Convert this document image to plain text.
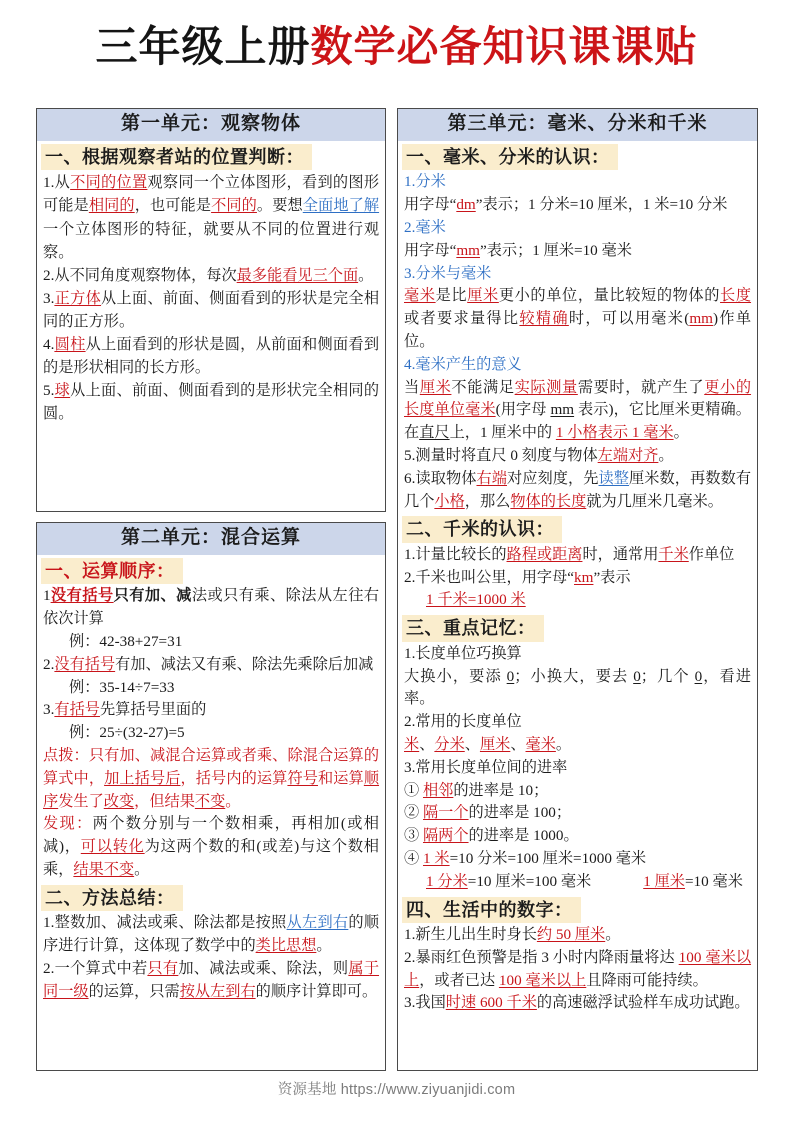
三年级上册数学必备知识课课贴
第一单元：观察物体
一、根据观察者站的位置判断：

1.从不同的位置观察同一个立体图形，看到的图形可能是相同的，也可能是不同的。要想全面地了解一个立体图形的特征，就要从不同的位置进行观察。

2.从不同角度观察物体，每次最多能看见三个面。

3.正方体从上面、前面、侧面看到的形状是完全相同的正方形。

4.圆柱从上面看到的形状是圆，从前面和侧面看到的是形状相同的长方形。

5.球从上面、前面、侧面看到的是形状完全相同的圆。

第二单元：混合运算
一、运算顺序：

1没有括号只有加、减法或只有乘、除法从左往右依次计算

例：42-38+27=31

2.没有括号有加、减法又有乘、除法先乘除后加减

例：35-14÷7=33

3.有括号先算括号里面的

例：25÷(32-27)=5

点拨：只有加、减混合运算或者乘、除混合运算的算式中，加上括号后，括号内的运算符号和运算顺序发生了改变，但结果不变。

发现：两个数分别与一个数相乘，再相加(或相减)，可以转化为这两个数的和(或差)与这个数相乘，结果不变。

二、方法总结：

1.整数加、减法或乘、除法都是按照从左到右的顺序进行计算，这体现了数学中的类比思想。

2.一个算式中若只有加、减法或乘、除法，则属于同一级的运算，只需按从左到右的顺序计算即可。

第三单元：毫米、分米和千米
一、毫米、分米的认识：

1.分米

用字母“dm”表示；1 分米=10 厘米，1 米=10 分米

2.毫米

用字母“mm”表示；1 厘米=10 毫米

3.分米与毫米

毫米是比厘米更小的单位，量比较短的物体的长度或者要求量得比较精确时，可以用毫米(mm)作单位。

4.毫米产生的意义

当厘米不能满足实际测量需要时，就产生了更小的长度单位毫米(用字母 mm 表示)，它比厘米更精确。在直尺上，1 厘米中的 1 小格表示 1 毫米。

5.测量时将直尺 0 刻度与物体左端对齐。

6.读取物体右端对应刻度，先读整厘米数，再数数有几个小格，那么物体的长度就为几厘米几毫米。

二、千米的认识：

1.计量比较长的路程或距离时，通常用千米作单位

2.千米也叫公里，用字母“km”表示

1 千米=1000 米

三、重点记忆：

1.长度单位巧换算

大换小，要添 0；小换大，要去 0；几个 0，看进率。

2.常用的长度单位

米、分米、厘米、毫米。

3.常用长度单位间的进率

① 相邻的进率是 10；

② 隔一个的进率是 100；

③ 隔两个的进率是 1000。

④ 1 米=10 分米=100 厘米=1000 毫米

1 分米=10 厘米=100 毫米	1 厘米=10 毫米

四、生活中的数字：

1.新生儿出生时身长约 50 厘米。

2.暴雨红色预警是指 3 小时内降雨量将达 100 毫米以上，或者已达 100 毫米以上且降雨可能持续。

3.我国时速 600 千米的高速磁浮试验样车成功试跑。

资源基地 https://www.ziyuanjidi.com
